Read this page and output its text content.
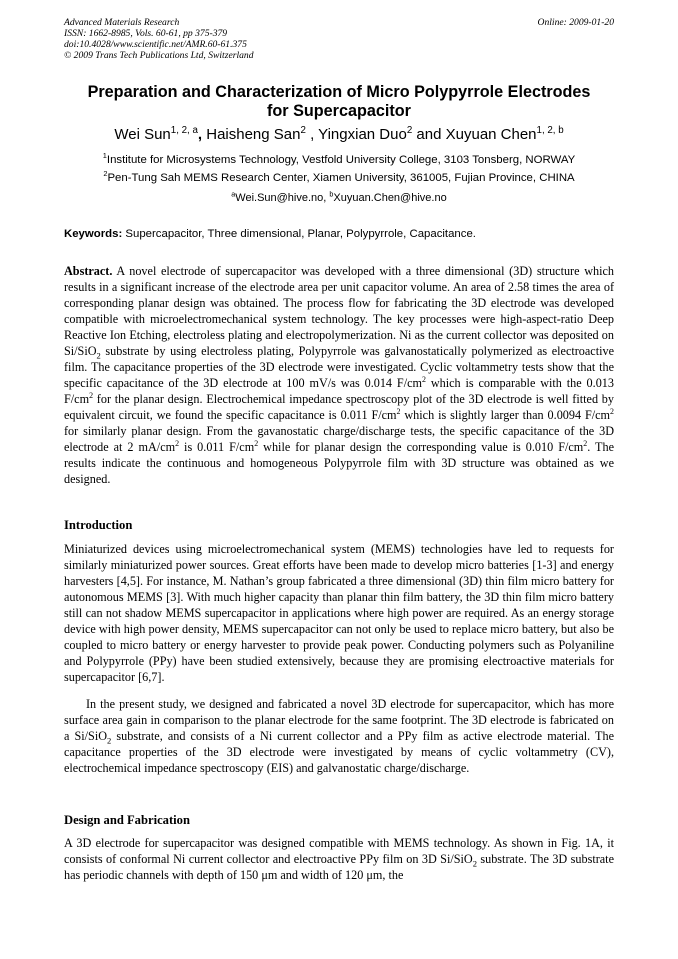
Advanced Materials Research
ISSN: 1662-8985, Vols. 60-61, pp 375-379
doi:10.4028/www.scientific.net/AMR.60-61.375
© 2009 Trans Tech Publications Ltd, Switzerland
Online: 2009-01-20
Preparation and Characterization of Micro Polypyrrole Electrodes
for Supercapacitor
Wei Sun$^{1, 2, a}$, Haisheng San$^2$ , Yingxian Duo$^2$ and Xuyuan Chen$^{1, 2, b}$
$^1$Institute for Microsystems Technology, Vestfold University College, 3103 Tonsberg, NORWAY
$^2$Pen-Tung Sah MEMS Research Center, Xiamen University, 361005, Fujian Province, CHINA
$^a$Wei.Sun@hive.no, $^b$Xuyuan.Chen@hive.no
Keywords: Supercapacitor, Three dimensional, Planar, Polypyrrole, Capacitance.
Abstract. A novel electrode of supercapacitor was developed with a three dimensional (3D) structure which results in a significant increase of the electrode area per unit capacitor volume. An area of 2.58 times the area of corresponding planar design was obtained. The process flow for fabricating the 3D electrode was developed compatible with microelectromechanical system technology. The key processes were high-aspect-ratio Deep Reactive Ion Etching, electroless plating and electropolymerization. Ni as the current collector was deposited on Si/SiO$_2$ substrate by using electroless plating, Polypyrrole was galvanostatically polymerized as electroactive film. The capacitance properties of the 3D electrode were investigated. Cyclic voltammetry tests show that the specific capacitance of the 3D electrode at 100 mV/s was 0.014 $F/cm^2$ which is comparable with the 0.013 $F/cm^2$ for the planar design. Electrochemical impedance spectroscopy plot of the 3D electrode is well fitted by equivalent circuit, we found the specific capacitance is 0.011 $F/cm^2$ which is slightly larger than 0.0094 $F/cm^2$ for similarly planar design. From the gavanostatic charge/discharge tests, the specific capacitance of the 3D electrode at 2 $mA/cm^2$ is 0.011 $F/cm^2$ while for planar design the corresponding value is 0.010 $F/cm^2$. The results indicate the continuous and homogeneous Polypyrrole film with 3D structure was obtained as we designed.
Introduction
Miniaturized devices using microelectromechanical system (MEMS) technologies have led to requests for similarly miniaturized power sources. Great efforts have been made to develop micro batteries [1-3] and energy harvesters [4,5]. For instance, M. Nathan’s group fabricated a three dimensional (3D) thin film micro battery for autonomous MEMS [3]. With much higher capacity than planar thin film battery, the 3D thin film micro battery still can not shadow MEMS supercapacitor in applications where high power are required. As an energy storage device with high power density, MEMS supercapacitor can not only be used to replace micro battery, but also be coupled to micro battery or energy harvester to provide peak power. Conducting polymers such as Polyaniline and Polypyrrole (PPy) have been studied extensively, because they are promising electroactive materials for supercapacitor [6,7].
In the present study, we designed and fabricated a novel 3D electrode for supercapacitor, which has more surface area gain in comparison to the planar electrode for the same footprint. The 3D electrode is fabricated on a Si/SiO$_2$ substrate, and consists of a Ni current collector and a PPy film as active electrode material. The capacitance properties of the 3D electrode were investigated by means of cyclic voltammetry (CV), electrochemical impedance spectroscopy (EIS) and galvanostatic charge/discharge.
Design and Fabrication
A 3D electrode for supercapacitor was designed compatible with MEMS technology. As shown in Fig. 1A, it consists of conformal Ni current collector and electroactive PPy film on 3D Si/SiO$_2$ substrate. The 3D substrate has periodic channels with depth of 150 μm and width of 120 μm, the
